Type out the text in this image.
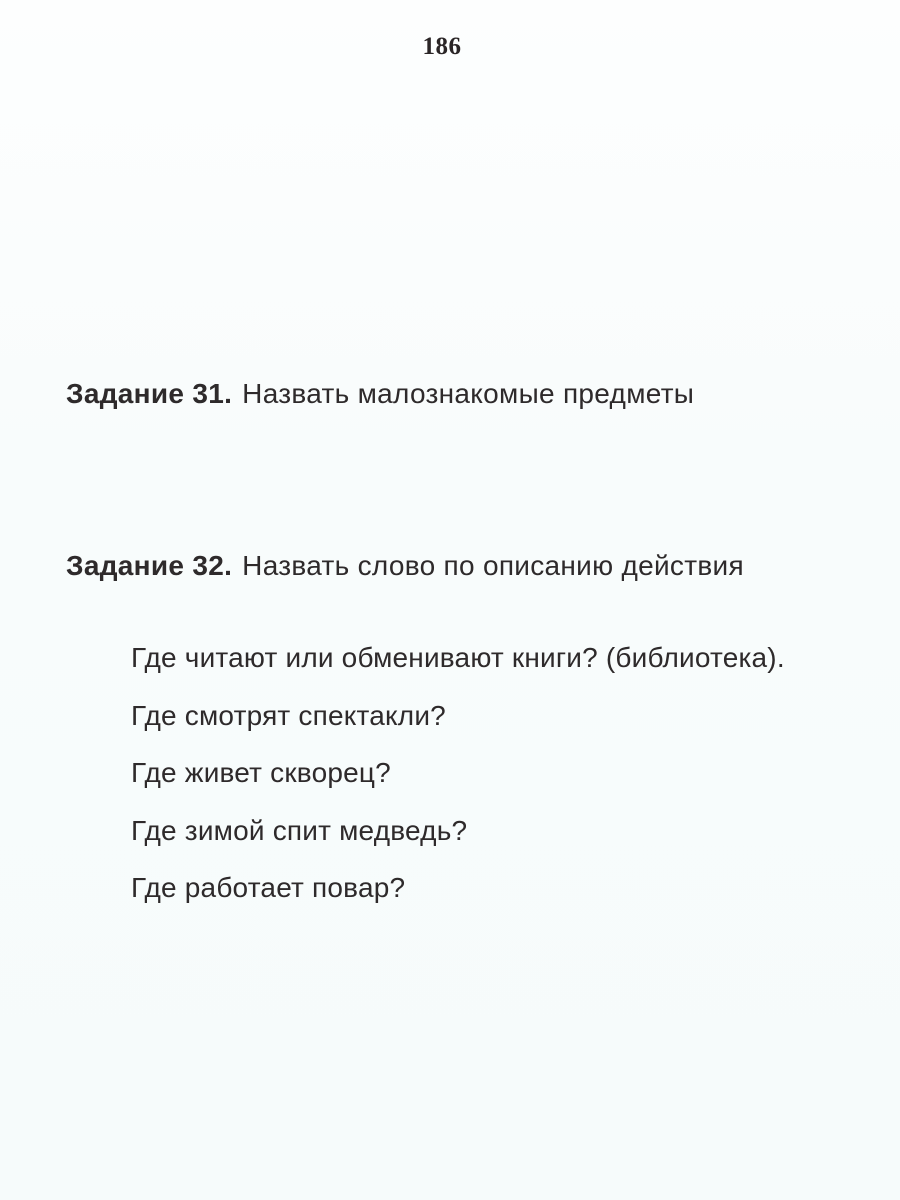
186
Задание 31. Назвать малознакомые предметы
Задание 32. Назвать слово по описанию действия
Где читают или обменивают книги? (библиотека).
Где смотрят спектакли?
Где живет скворец?
Где зимой спит медведь?
Где работает повар?
